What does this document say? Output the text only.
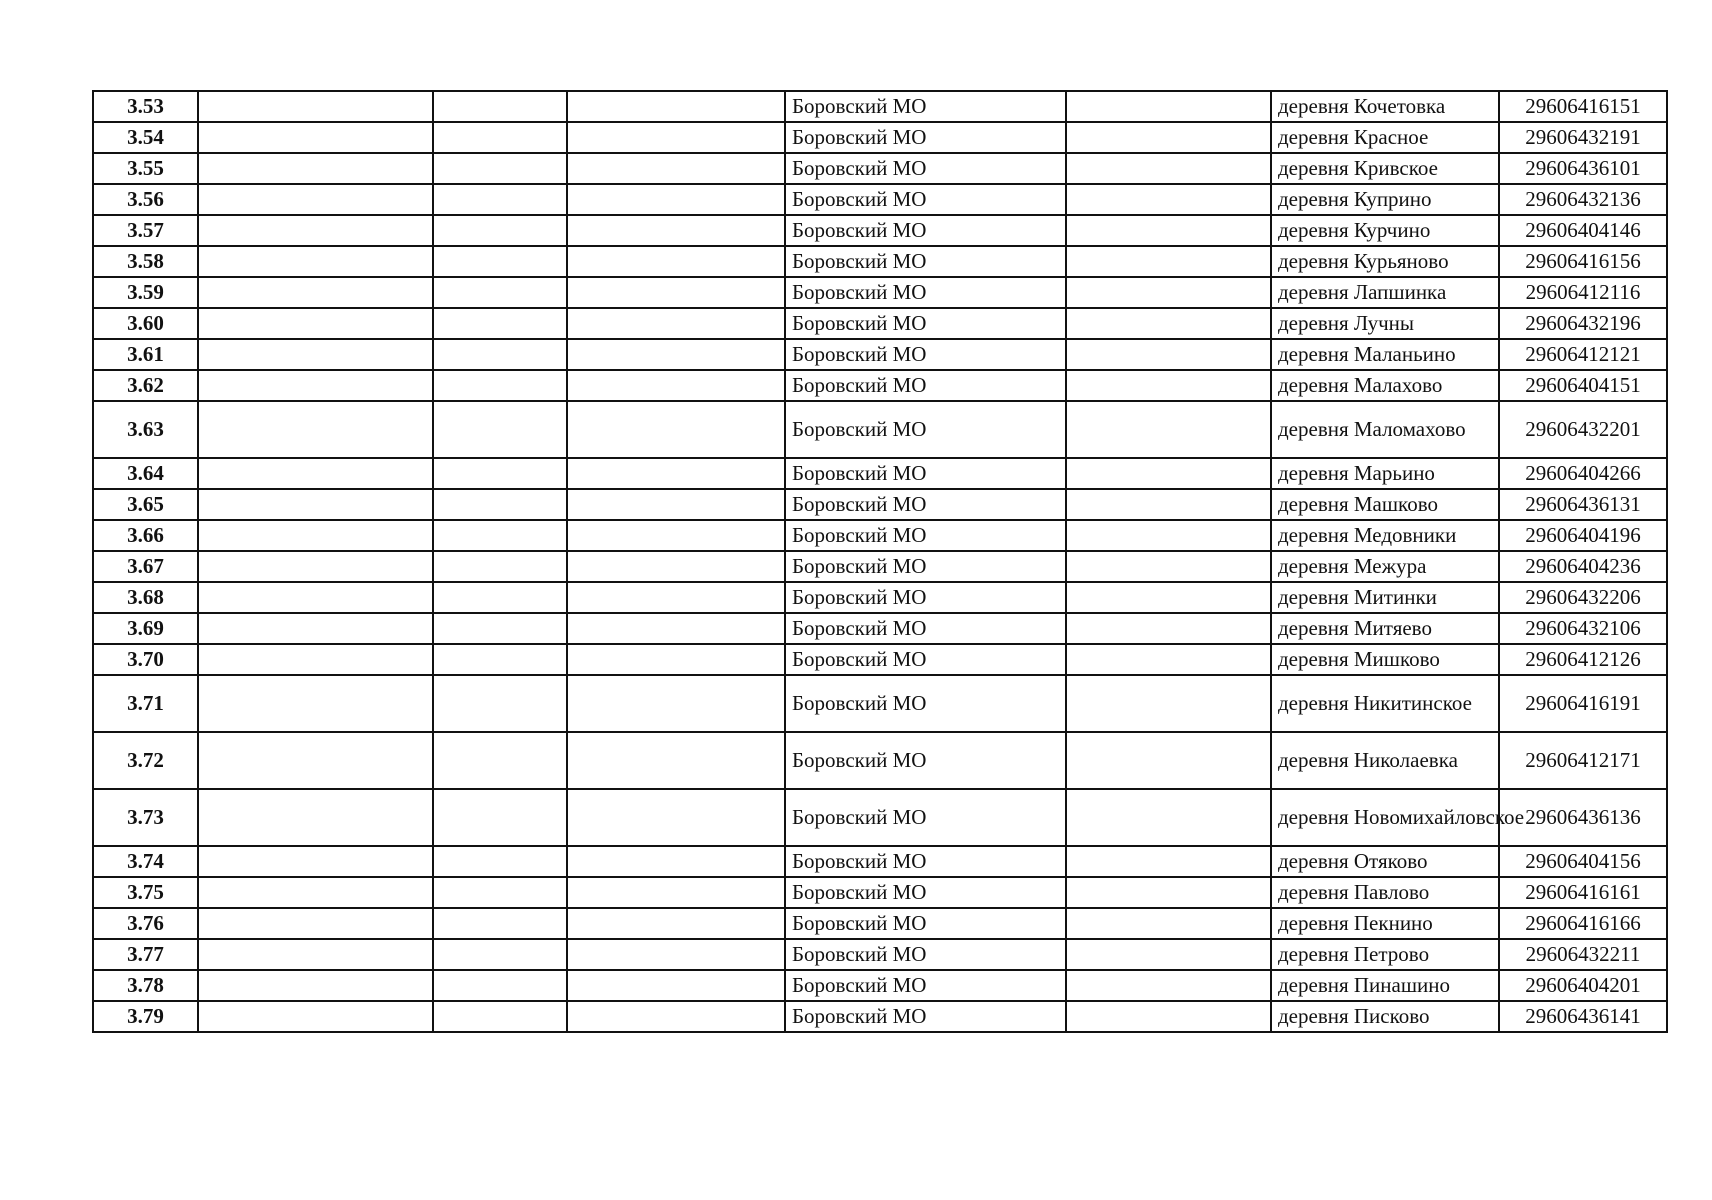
3.53				Боровский МО		деревня Кочетовка	29606416151
3.54				Боровский МО		деревня Красное	29606432191
3.55				Боровский МО		деревня Кривское	29606436101
3.56				Боровский МО		деревня Куприно	29606432136
3.57				Боровский МО		деревня Курчино	29606404146
3.58				Боровский МО		деревня Курьяново	29606416156
3.59				Боровский МО		деревня Лапшинка	29606412116
3.60				Боровский МО		деревня Лучны	29606432196
3.61				Боровский МО		деревня Маланьино	29606412121
3.62				Боровский МО		деревня Малахово	29606404151
3.63				Боровский МО		деревня Маломахово	29606432201
3.64				Боровский МО		деревня Марьино	29606404266
3.65				Боровский МО		деревня Машково	29606436131
3.66				Боровский МО		деревня Медовники	29606404196
3.67				Боровский МО		деревня Межура	29606404236
3.68				Боровский МО		деревня Митинки	29606432206
3.69				Боровский МО		деревня Митяево	29606432106
3.70				Боровский МО		деревня Мишково	29606412126
3.71				Боровский МО		деревня Никитинское	29606416191
3.72				Боровский МО		деревня Николаевка	29606412171
3.73				Боровский МО		деревня Новомихайловское	29606436136
3.74				Боровский МО		деревня Отяково	29606404156
3.75				Боровский МО		деревня Павлово	29606416161
3.76				Боровский МО		деревня Пекнино	29606416166
3.77				Боровский МО		деревня Петрово	29606432211
3.78				Боровский МО		деревня Пинашино	29606404201
3.79				Боровский МО		деревня Писково	29606436141
